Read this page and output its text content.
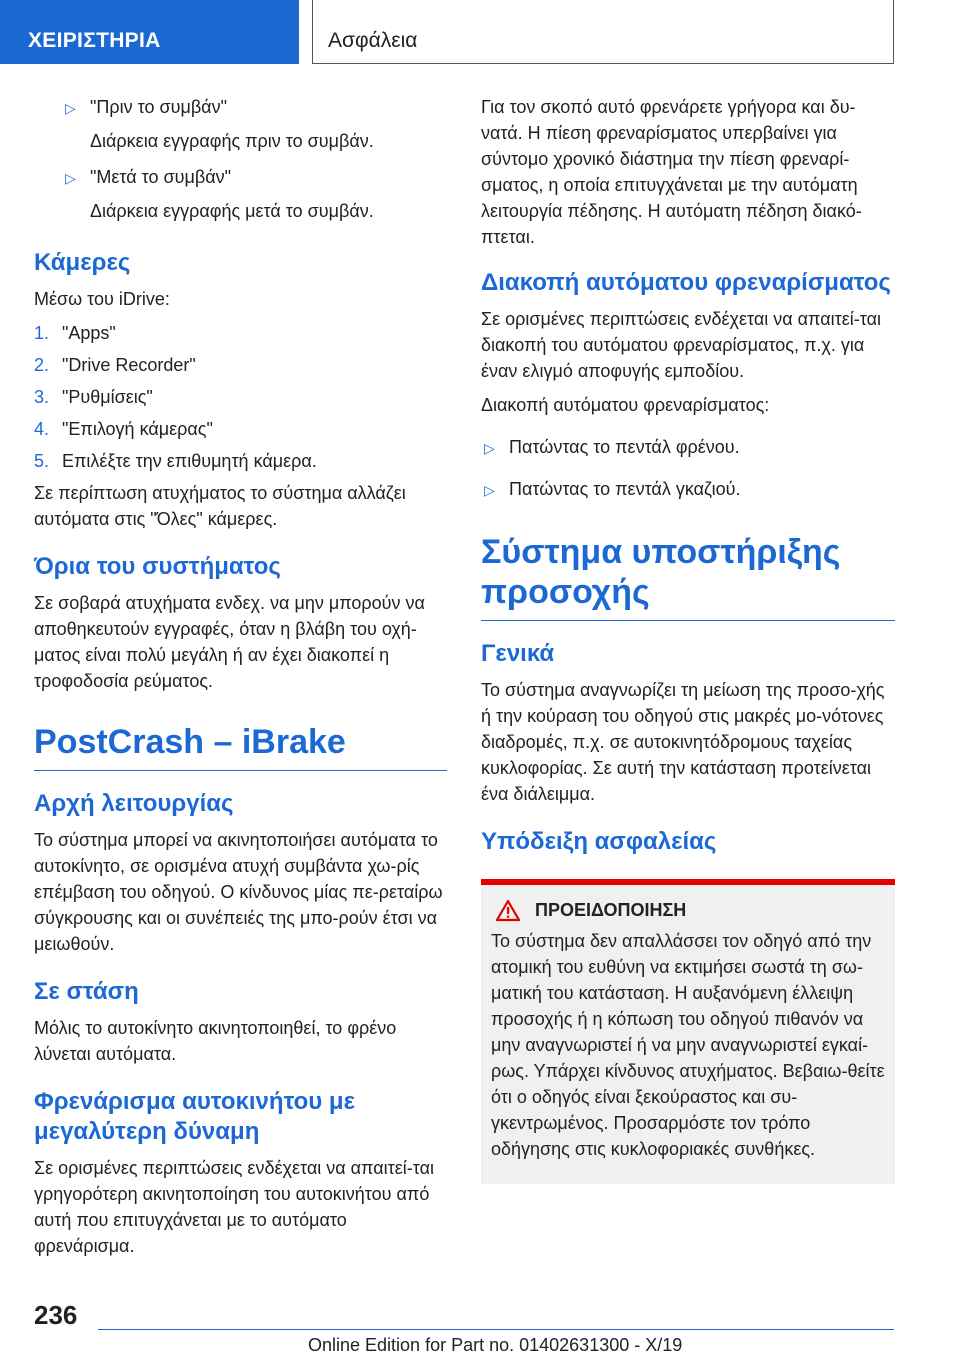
ΧΕΙΡΙΣΤΗΡΙΑ	Ασφάλεια
▷ "Πριν το συμβάν"
Διάρκεια εγγραφής πριν το συμβάν.
▷ "Μετά το συμβάν"
Διάρκεια εγγραφής μετά το συμβάν.
Κάμερες

Μέσω του iDrive:

1. "Apps"
2. "Drive Recorder"
3. "Ρυθμίσεις"
4. "Επιλογή κάμερας"
5. Επιλέξτε την επιθυμητή κάμερα.

Σε περίπτωση ατυχήματος το σύστημα αλλάζει αυτόματα στις "Όλες" κάμερες.

Όρια του συστήματος

Σε σοβαρά ατυχήματα ενδεχ. να μην μπορούν να αποθηκευτούν εγγραφές, όταν η βλάβη του οχή-ματος είναι πολύ μεγάλη ή αν έχει διακοπεί η τροφοδοσία ρεύματος.

PostCrash – iBrake
Αρχή λειτουργίας

Το σύστημα μπορεί να ακινητοποιήσει αυτόματα το αυτοκίνητο, σε ορισμένα ατυχή συμβάντα χω-ρίς επέμβαση του οδηγού. Ο κίνδυνος μίας πε-ρεταίρω σύγκρουσης και οι συνέπειές της μπο-ρούν έτσι να μειωθούν.

Σε στάση

Μόλις το αυτοκίνητο ακινητοποιηθεί, το φρένο λύνεται αυτόματα.

Φρενάρισμα αυτοκινήτου με μεγαλύτερη δύναμη

Σε ορισμένες περιπτώσεις ενδέχεται να απαιτεί-ται γρηγορότερη ακινητοποίηση του αυτοκινήτου από αυτή που επιτυγχάνεται με το αυτόματο φρενάρισμα.

Για τον σκοπό αυτό φρενάρετε γρήγορα και δυ-νατά. Η πίεση φρεναρίσματος υπερβαίνει για σύντομο χρονικό διάστημα την πίεση φρεναρί-σματος, η οποία επιτυγχάνεται με την αυτόματη λειτουργία πέδησης. Η αυτόματη πέδηση διακό-πτεται.

Διακοπή αυτόματου φρεναρίσματος

Σε ορισμένες περιπτώσεις ενδέχεται να απαιτεί-ται διακοπή του αυτόματου φρεναρίσματος, π.χ. για έναν ελιγμό αποφυγής εμποδίου.

Διακοπή αυτόματου φρεναρίσματος:

▷ Πατώντας το πεντάλ φρένου.
▷ Πατώντας το πεντάλ γκαζιού.
Σύστημα υποστήριξης προσοχής
Γενικά

Το σύστημα αναγνωρίζει τη μείωση της προσο-χής ή την κούραση του οδηγού στις μακρές μο-νότονες διαδρομές, π.χ. σε αυτοκινητόδρομους ταχείας κυκλοφορίας. Σε αυτή την κατάσταση προτείνεται ένα διάλειμμα.

Υπόδειξη ασφαλείας
ΠΡΟΕΙΔΟΠΟΙΗΣΗ

Το σύστημα δεν απαλλάσσει τον οδηγό από την ατομική του ευθύνη να εκτιμήσει σωστά τη σω-ματική του κατάσταση. Η αυξανόμενη έλλειψη προσοχής ή η κόπωση του οδηγού πιθανόν να μην αναγνωριστεί ή να μην αναγνωριστεί εγκαί-ρως. Υπάρχει κίνδυνος ατυχήματος. Βεβαιω-θείτε ότι ο οδηγός είναι ξεκούραστος και συ-γκεντρωμένος. Προσαρμόστε τον τρόπο οδήγησης στις κυκλοφοριακές συνθήκες.

236
Online Edition for Part no. 01402631300 - X/19
